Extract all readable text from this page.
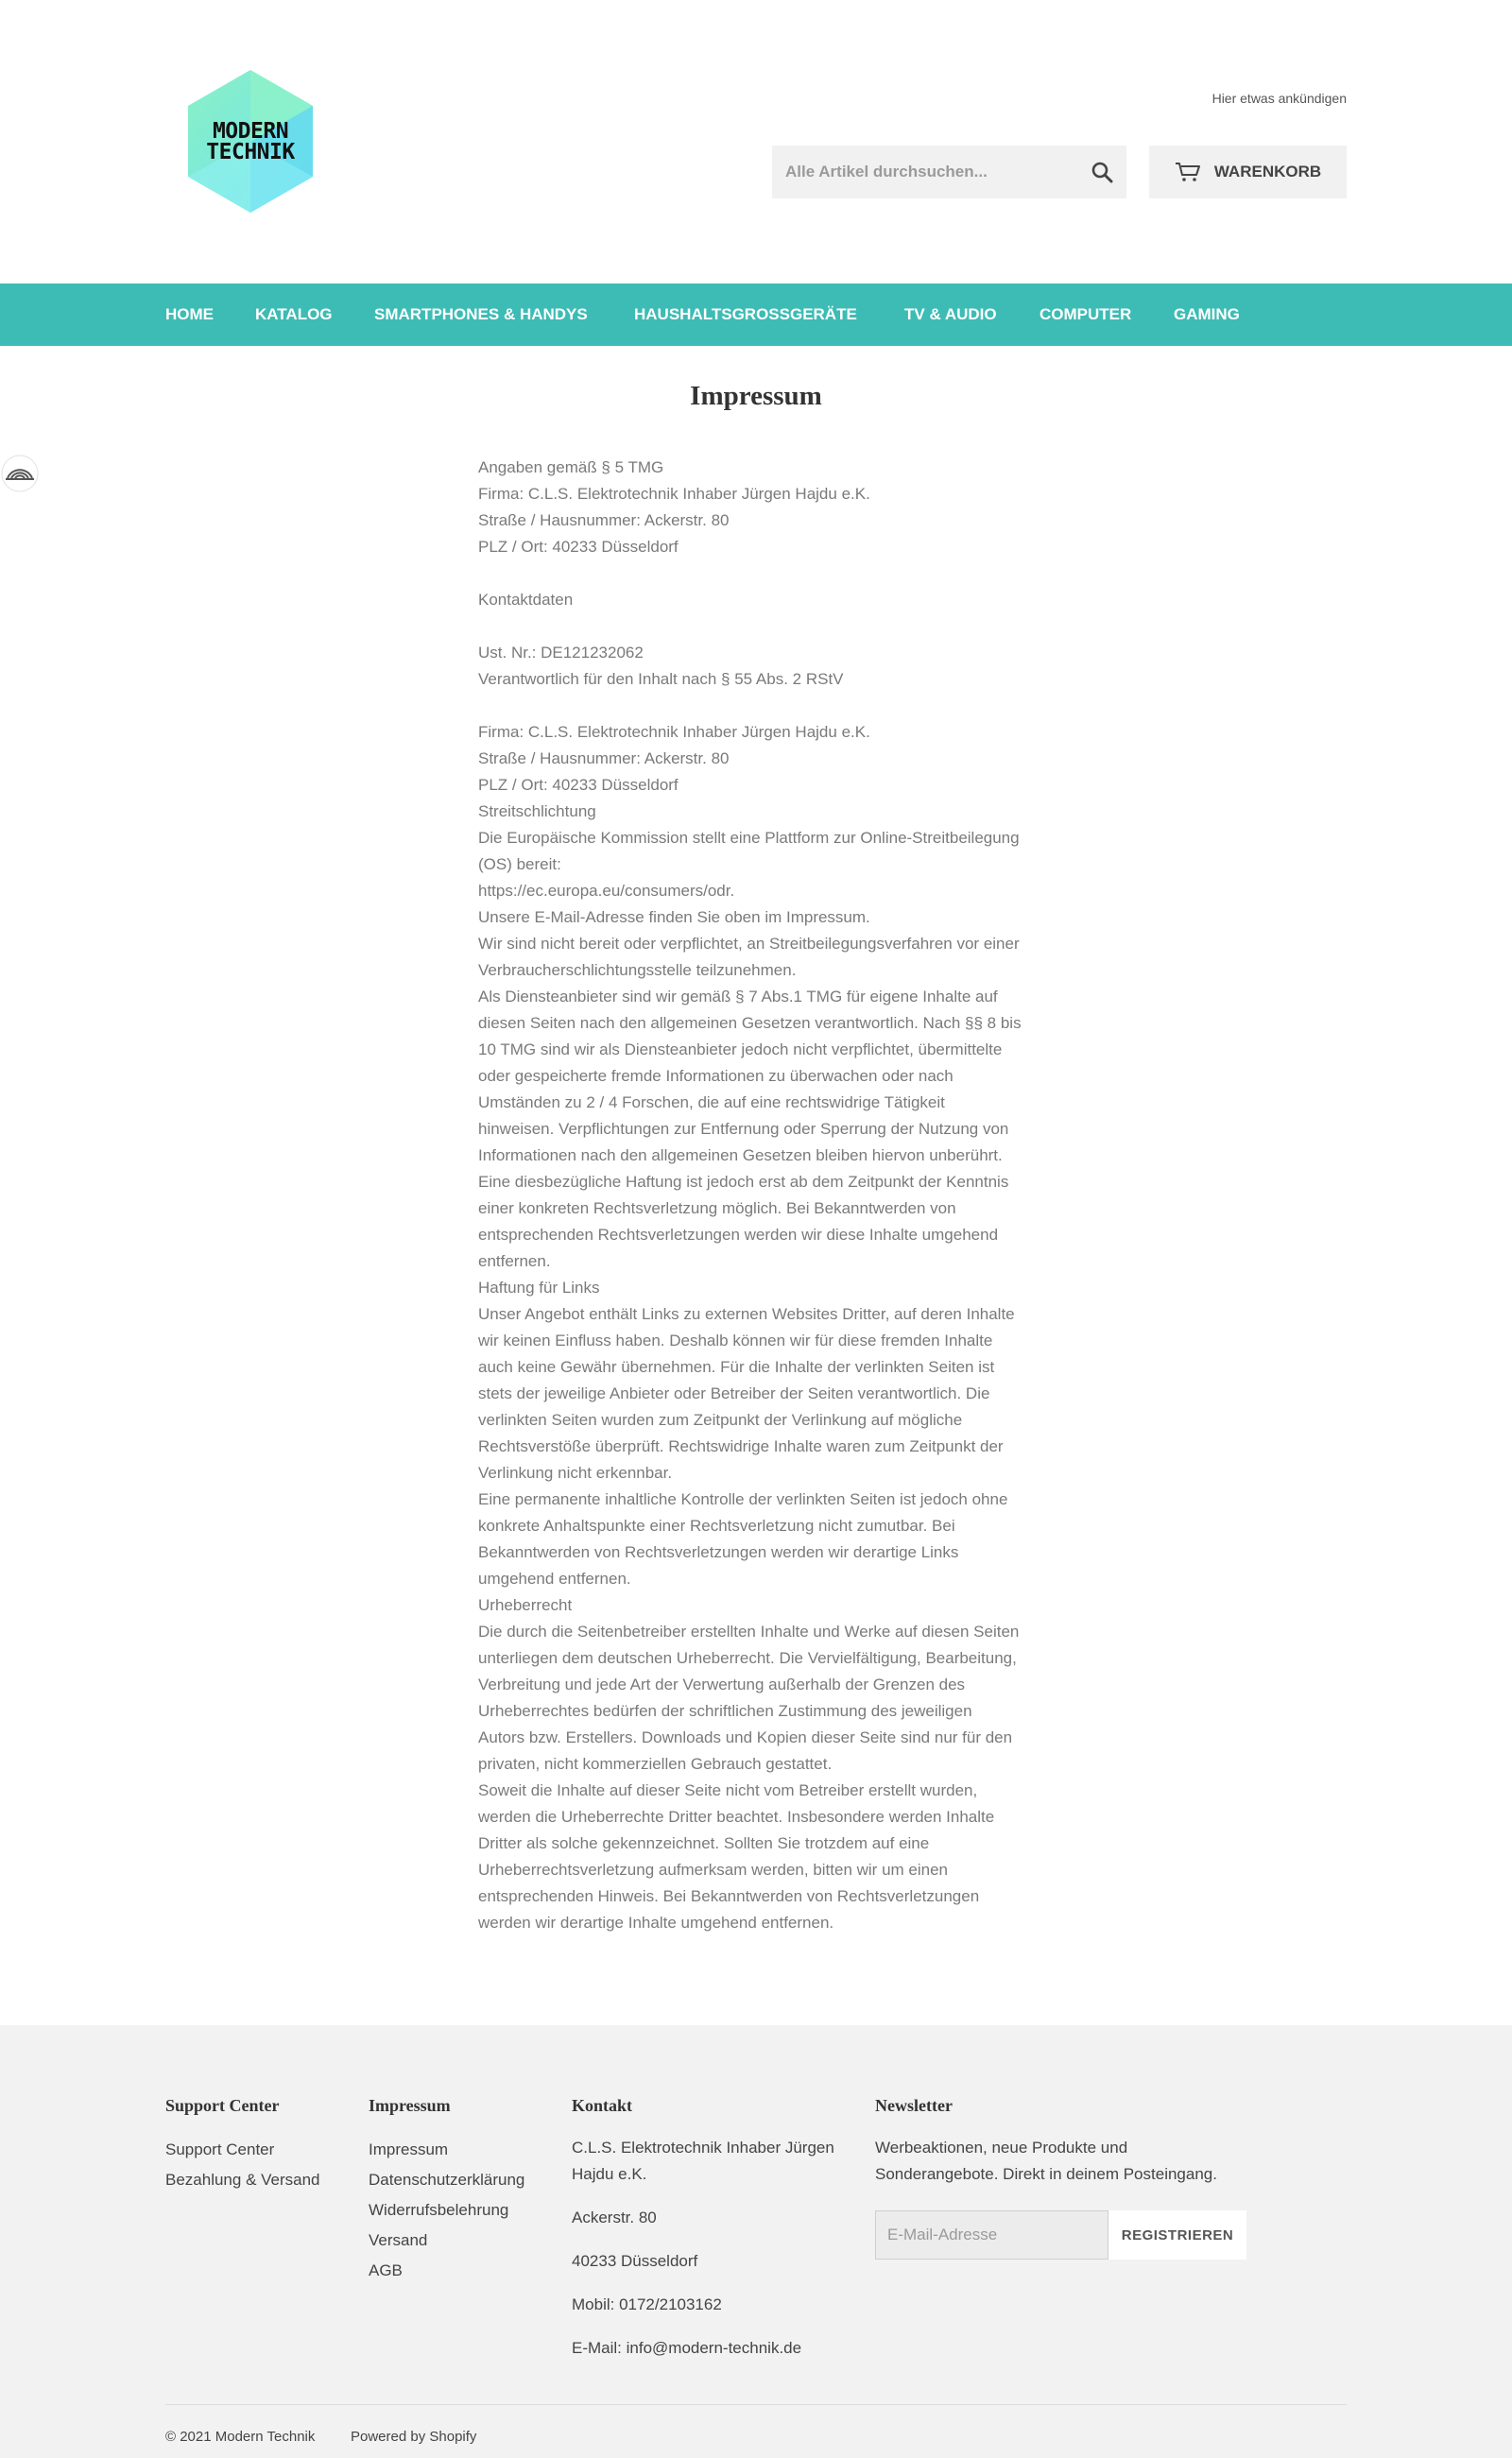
MODERN
TECHNIK
Hier etwas ankündigen
Alle Artikel durchsuchen...
WARENKORB
HOME	KATALOG	SMARTPHONES & HANDYS	HAUSHALTSGROSSGERÄTE	TV & AUDIO	COMPUTER	GAMING
Impressum
Angaben gemäß § 5 TMG
Firma: C.L.S. Elektrotechnik Inhaber Jürgen Hajdu e.K.
Straße / Hausnummer: Ackerstr. 80
PLZ / Ort: 40233 Düsseldorf
Kontaktdaten
Ust. Nr.: DE121232062
Verantwortlich für den Inhalt nach § 55 Abs. 2 RStV
Firma: C.L.S. Elektrotechnik Inhaber Jürgen Hajdu e.K.
Straße / Hausnummer: Ackerstr. 80
PLZ / Ort: 40233 Düsseldorf
Streitschlichtung
Die Europäische Kommission stellt eine Plattform zur Online-Streitbeilegung
(OS) bereit:
https://ec.europa.eu/consumers/odr.
Unsere E-Mail-Adresse finden Sie oben im Impressum.
Wir sind nicht bereit oder verpflichtet, an Streitbeilegungsverfahren vor einer
Verbraucherschlichtungsstelle teilzunehmen.
Als Diensteanbieter sind wir gemäß § 7 Abs.1 TMG für eigene Inhalte auf
diesen Seiten nach den allgemeinen Gesetzen verantwortlich. Nach §§ 8 bis
10 TMG sind wir als Diensteanbieter jedoch nicht verpflichtet, übermittelte
oder gespeicherte fremde Informationen zu überwachen oder nach
Umständen zu 2 / 4 Forschen, die auf eine rechtswidrige Tätigkeit
hinweisen. Verpflichtungen zur Entfernung oder Sperrung der Nutzung von
Informationen nach den allgemeinen Gesetzen bleiben hiervon unberührt.
Eine diesbezügliche Haftung ist jedoch erst ab dem Zeitpunkt der Kenntnis
einer konkreten Rechtsverletzung möglich. Bei Bekanntwerden von
entsprechenden Rechtsverletzungen werden wir diese Inhalte umgehend
entfernen.
Haftung für Links
Unser Angebot enthält Links zu externen Websites Dritter, auf deren Inhalte
wir keinen Einfluss haben. Deshalb können wir für diese fremden Inhalte
auch keine Gewähr übernehmen. Für die Inhalte der verlinkten Seiten ist
stets der jeweilige Anbieter oder Betreiber der Seiten verantwortlich. Die
verlinkten Seiten wurden zum Zeitpunkt der Verlinkung auf mögliche
Rechtsverstöße überprüft. Rechtswidrige Inhalte waren zum Zeitpunkt der
Verlinkung nicht erkennbar.
Eine permanente inhaltliche Kontrolle der verlinkten Seiten ist jedoch ohne
konkrete Anhaltspunkte einer Rechtsverletzung nicht zumutbar. Bei
Bekanntwerden von Rechtsverletzungen werden wir derartige Links
umgehend entfernen.
Urheberrecht
Die durch die Seitenbetreiber erstellten Inhalte und Werke auf diesen Seiten
unterliegen dem deutschen Urheberrecht. Die Vervielfältigung, Bearbeitung,
Verbreitung und jede Art der Verwertung außerhalb der Grenzen des
Urheberrechtes bedürfen der schriftlichen Zustimmung des jeweiligen
Autors bzw. Erstellers. Downloads und Kopien dieser Seite sind nur für den
privaten, nicht kommerziellen Gebrauch gestattet.
Soweit die Inhalte auf dieser Seite nicht vom Betreiber erstellt wurden,
werden die Urheberrechte Dritter beachtet. Insbesondere werden Inhalte
Dritter als solche gekennzeichnet. Sollten Sie trotzdem auf eine
Urheberrechtsverletzung aufmerksam werden, bitten wir um einen
entsprechenden Hinweis. Bei Bekanntwerden von Rechtsverletzungen
werden wir derartige Inhalte umgehend entfernen.
Support Center
Support Center
Bezahlung & Versand
Impressum
Impressum
Datenschutzerklärung
Widerrufsbelehrung
Versand
AGB
Kontakt
C.L.S. Elektrotechnik Inhaber Jürgen
Hajdu e.K.
Ackerstr. 80
40233 Düsseldorf
Mobil: 0172/2103162
E-Mail: info@modern-technik.de
Newsletter
Werbeaktionen, neue Produkte und
Sonderangebote. Direkt in deinem Posteingang.
E-Mail-Adresse
REGISTRIEREN
© 2021 Modern Technik	Powered by Shopify
